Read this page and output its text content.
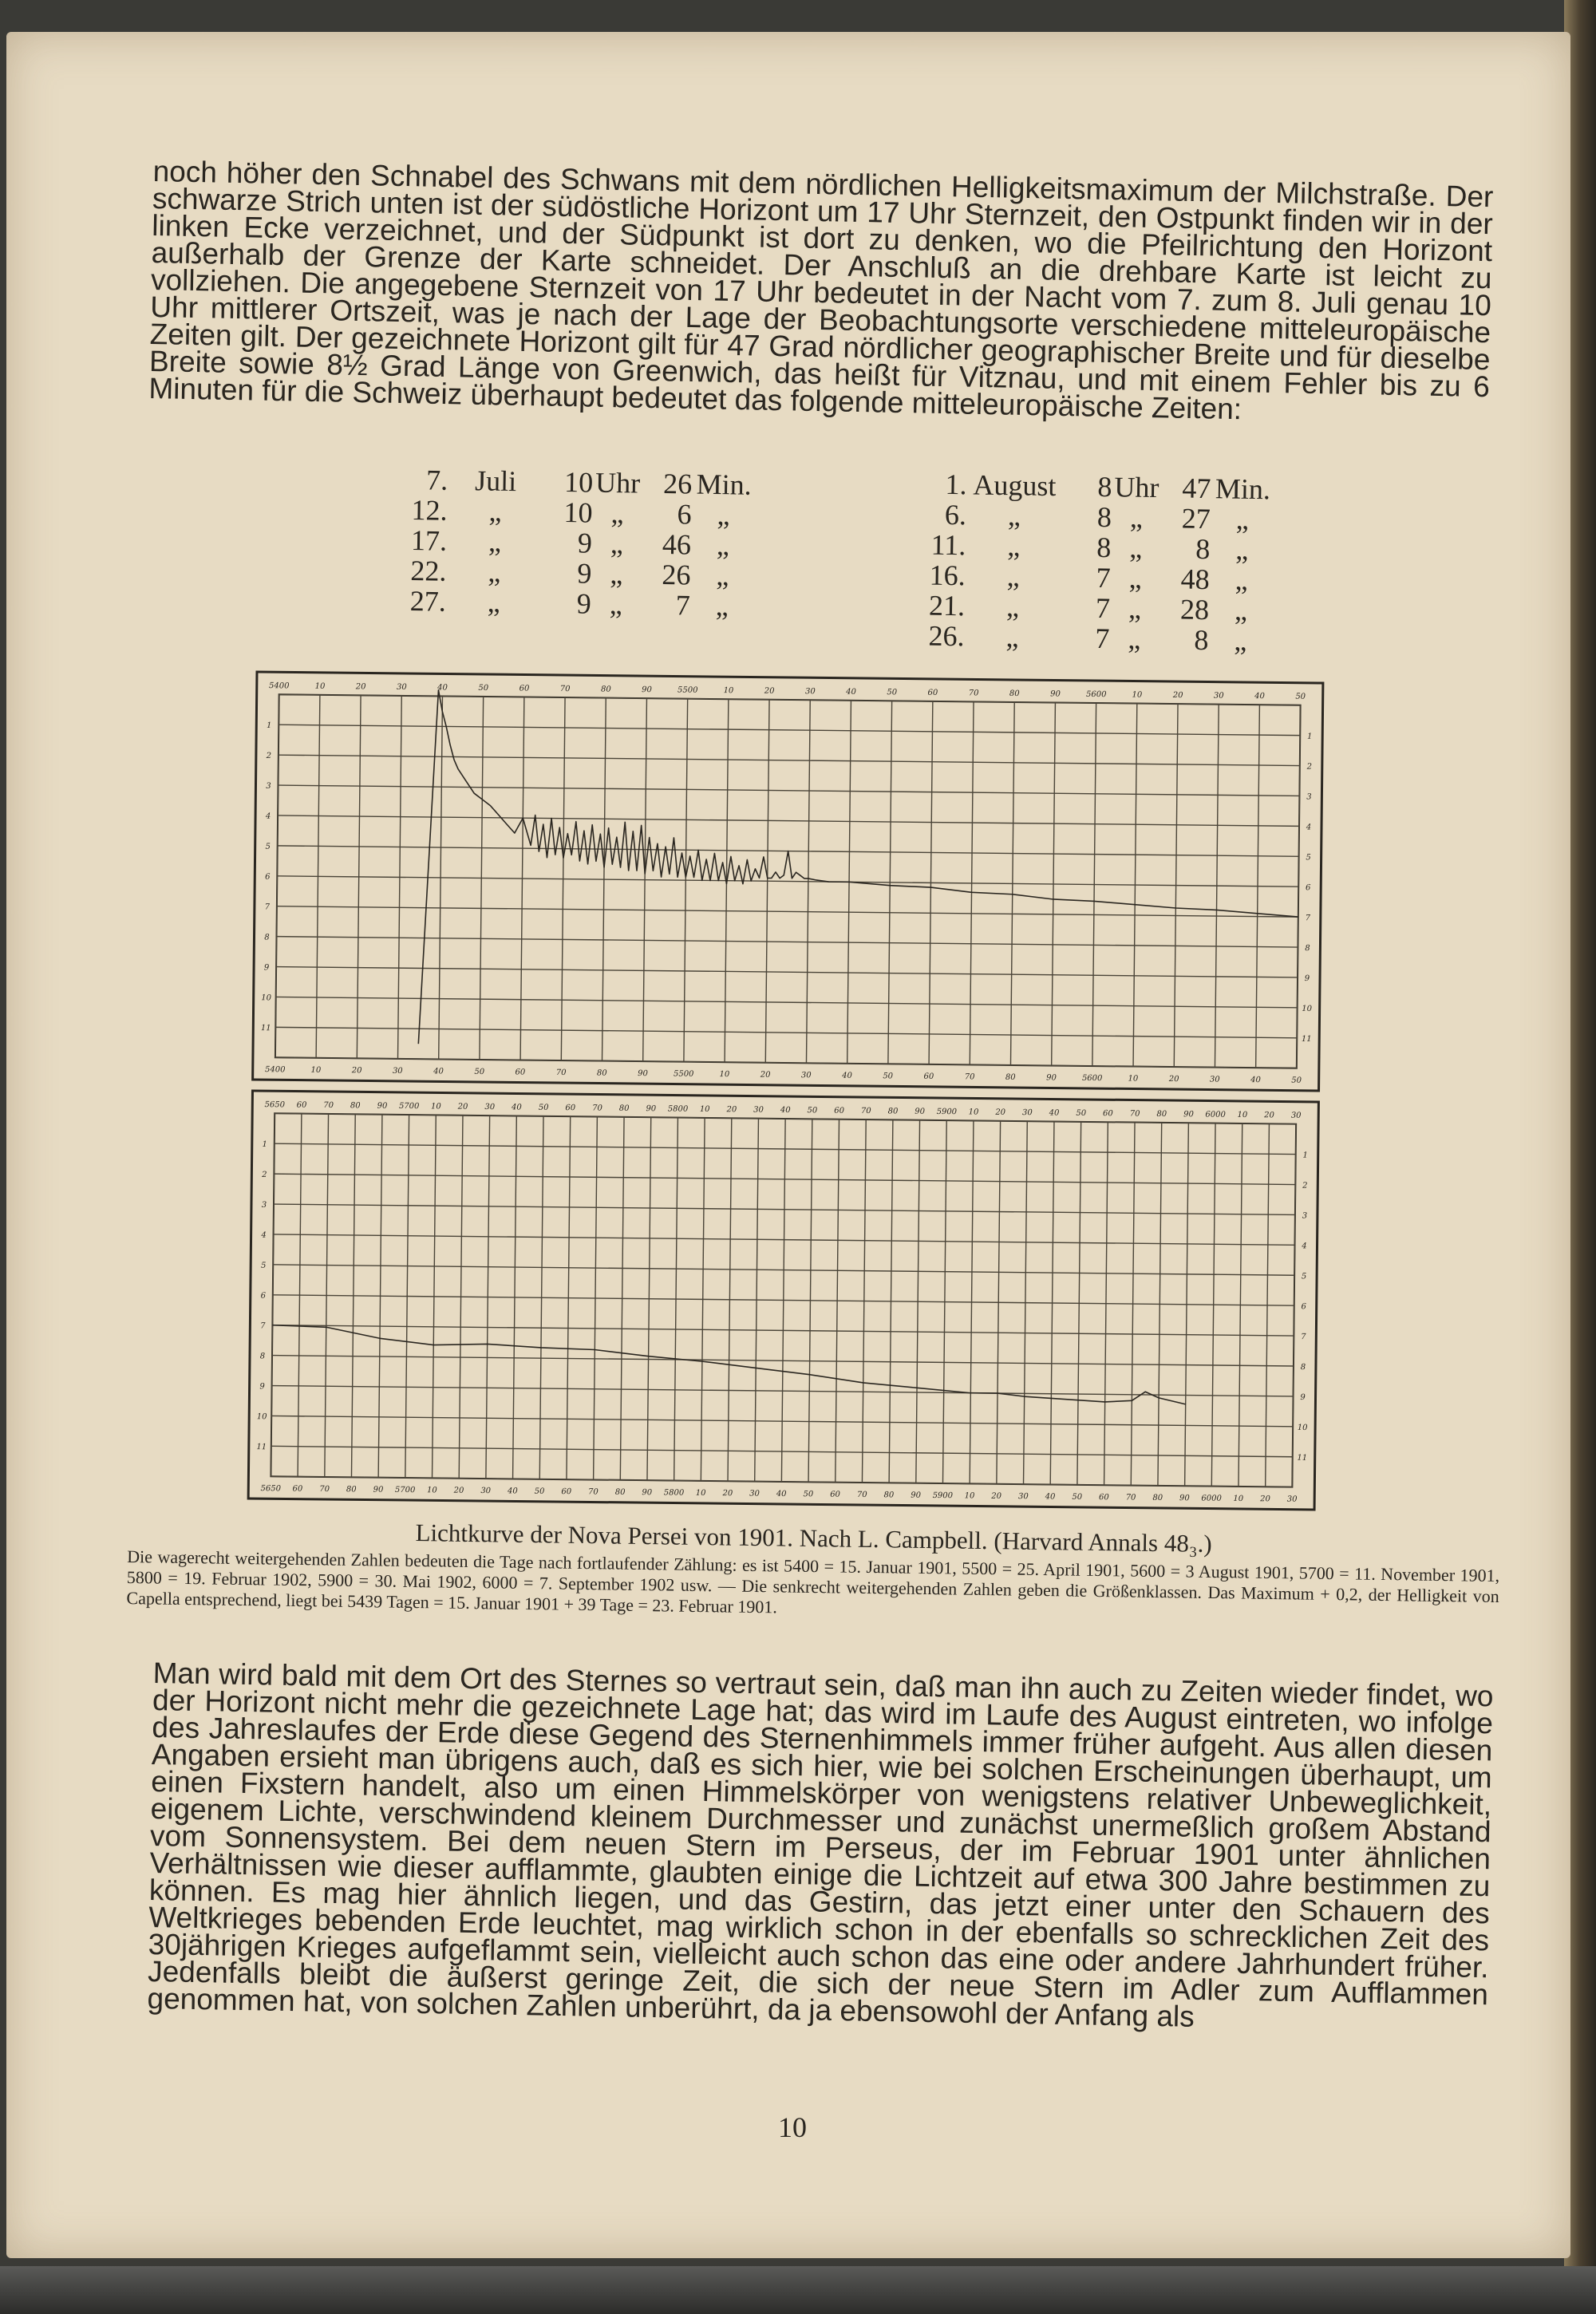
noch höher den Schnabel des Schwans mit dem nördlichen Helligkeitsmaximum der Milchstraße. Der schwarze Strich unten ist der südöstliche Horizont um 17 Uhr Sternzeit, den Ostpunkt finden wir in der linken Ecke verzeichnet, und der Südpunkt ist dort zu denken, wo die Pfeilrichtung den Horizont außerhalb der Grenze der Karte schneidet. Der Anschluß an die drehbare Karte ist leicht zu vollziehen. Die angegebene Sternzeit von 17 Uhr bedeutet in der Nacht vom 7. zum 8. Juli genau 10 Uhr mittlerer Ortszeit, was je nach der Lage der Beobachtungsorte verschiedene mitteleuropäische Zeiten gilt. Der gezeichnete Horizont gilt für 47 Grad nördlicher geographischer Breite und für dieselbe Breite sowie 8½ Grad Länge von Greenwich, das heißt für Vitznau, und mit einem Fehler bis zu 6 Minuten für die Schweiz überhaupt bedeutet das folgende mitteleuropäische Zeiten:

7. Juli	10 Uhr 26 Min.
12.	„	10 „	6 „
17.	„	9 „	46 „
22.	„	9 „	26 „
27.	„	9 „	7 „
1. August	8 Uhr 47 Min.
6.	„	8 „	27 „
11.	„	8 „	8 „
16.	„	7 „	48 „
21.	„	7 „	28 „
26.	„	7 „	8 „
5400
5400
10
10
20
20
30
30
40
40
50
50
60
60
70
70
80
80
90
90
5500
5500
10
10
20
20
30
30
40
40
50
50
60
60
70
70
80
80
90
90
5600
5600
10
10
20
20
30
30
40
40
50
50
1
1
2
2
3
3
4
4
5
5
6
6
7
7
8
8
9
9
10
10
11
11
5650
5650
60
60
70
70
80
80
90
90
5700
5700
10
10
20
20
30
30
40
40
50
50
60
60
70
70
80
80
90
90
5800
5800
10
10
20
20
30
30
40
40
50
50
60
60
70
70
80
80
90
90
5900
5900
10
10
20
20
30
30
40
40
50
50
60
60
70
70
80
80
90
90
6000
6000
10
10
20
20
30
30
1
1
2
2
3
3
4
4
5
5
6
6
7
7
8
8
9
9
10
10
11
11

Lichtkurve der Nova Persei von 1901. Nach L. Campbell. (Harvard Annals 48₃.)

Die wagerecht weitergehenden Zahlen bedeuten die Tage nach fortlaufender Zählung: es ist 5400 = 15. Januar 1901, 5500 = 25. April 1901, 5600 = 3 August 1901, 5700 = 11. November 1901, 5800 = 19. Februar 1902, 5900 = 30. Mai 1902, 6000 = 7. September 1902 usw. — Die senkrecht weitergehenden Zahlen geben die Größenklassen. Das Maximum + 0,2, der Helligkeit von Capella entsprechend, liegt bei 5439 Tagen = 15. Januar 1901 + 39 Tage = 23. Februar 1901.

Man wird bald mit dem Ort des Sternes so vertraut sein, daß man ihn auch zu Zeiten wieder findet, wo der Horizont nicht mehr die gezeichnete Lage hat; das wird im Laufe des August eintreten, wo infolge des Jahreslaufes der Erde diese Gegend des Sternenhimmels immer früher aufgeht. Aus allen diesen Angaben ersieht man übrigens auch, daß es sich hier, wie bei solchen Erscheinungen überhaupt, um einen Fixstern handelt, also um einen Himmelskörper von wenigstens relativer Unbeweglichkeit, eigenem Lichte, verschwindend kleinem Durchmesser und zunächst unermeßlich großem Abstand vom Sonnensystem. Bei dem neuen Stern im Perseus, der im Februar 1901 unter ähnlichen Verhältnissen wie dieser aufflammte, glaubten einige die Lichtzeit auf etwa 300 Jahre bestimmen zu können. Es mag hier ähnlich liegen, und das Gestirn, das jetzt einer unter den Schauern des Weltkrieges bebenden Erde leuchtet, mag wirklich schon in der ebenfalls so schrecklichen Zeit des 30jährigen Krieges aufgeflammt sein, vielleicht auch schon das eine oder andere Jahrhundert früher. Jedenfalls bleibt die äußerst geringe Zeit, die sich der neue Stern im Adler zum Aufflammen genommen hat, von solchen Zahlen unberührt, da ja ebensowohl der Anfang als

10
